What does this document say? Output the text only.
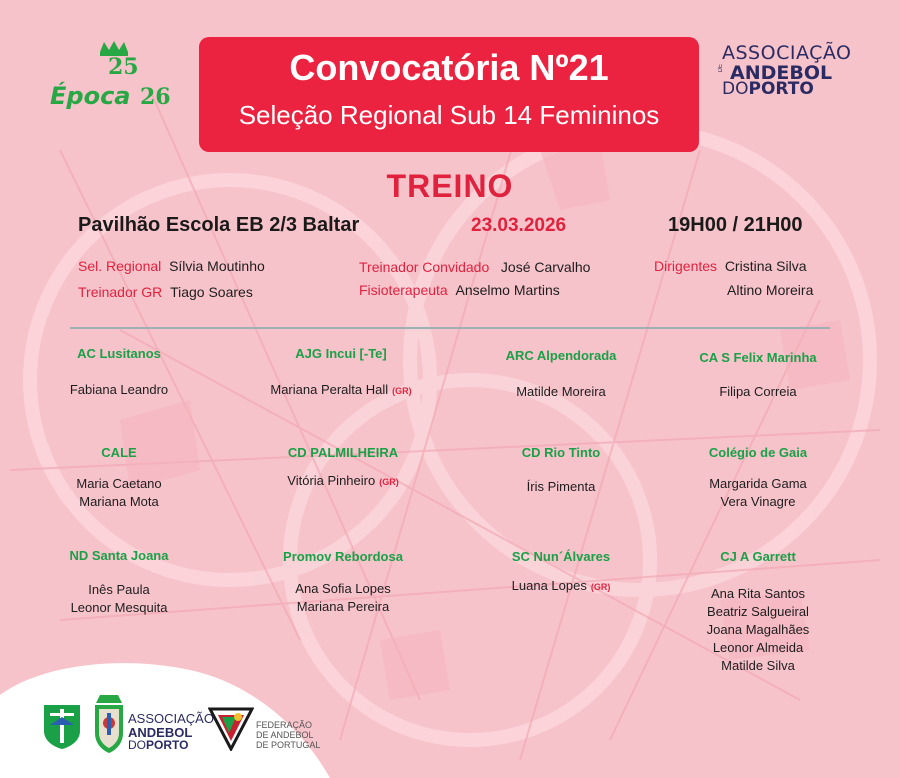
25
Época 26
ASSOCIAÇÃO
DE ANDEBOL
DOPORTO
Convocatória Nº21
Seleção Regional Sub 14 Femininos
TREINO
Pavilhão Escola EB 2/3 Baltar	23.03.2026	19H00 / 21H00
Sel. Regional Sílvia Moutinho
Treinador GR Tiago Soares
Treinador Convidado José Carvalho
Fisioterapeuta Anselmo Martins
Dirigentes Cristina Silva
Altino Moreira
AC Lusitanos
Fabiana Leandro
AJG Incui [-Te]
Mariana Peralta Hall (GR)
ARC Alpendorada
Matilde Moreira
CA S Felix Marinha
Filipa Correia
CALE
Maria Caetano
Mariana Mota
CD PALMILHEIRA
Vitória Pinheiro (GR)
CD Rio Tinto
Íris Pimenta
Colégio de Gaia
Margarida Gama
Vera Vinagre
ND Santa Joana
Inês Paula
Leonor Mesquita
Promov Rebordosa
Ana Sofia Lopes
Mariana Pereira
SC Nun´Álvares
Luana Lopes (GR)
CJ A Garrett
Ana Rita Santos
Beatriz Salgueiral
Joana Magalhães
Leonor Almeida
Matilde Silva
ASSOCIAÇÃO
ANDEBOL
DOPORTO
FEDERAÇÃO
DE ANDEBOL
DE PORTUGAL
